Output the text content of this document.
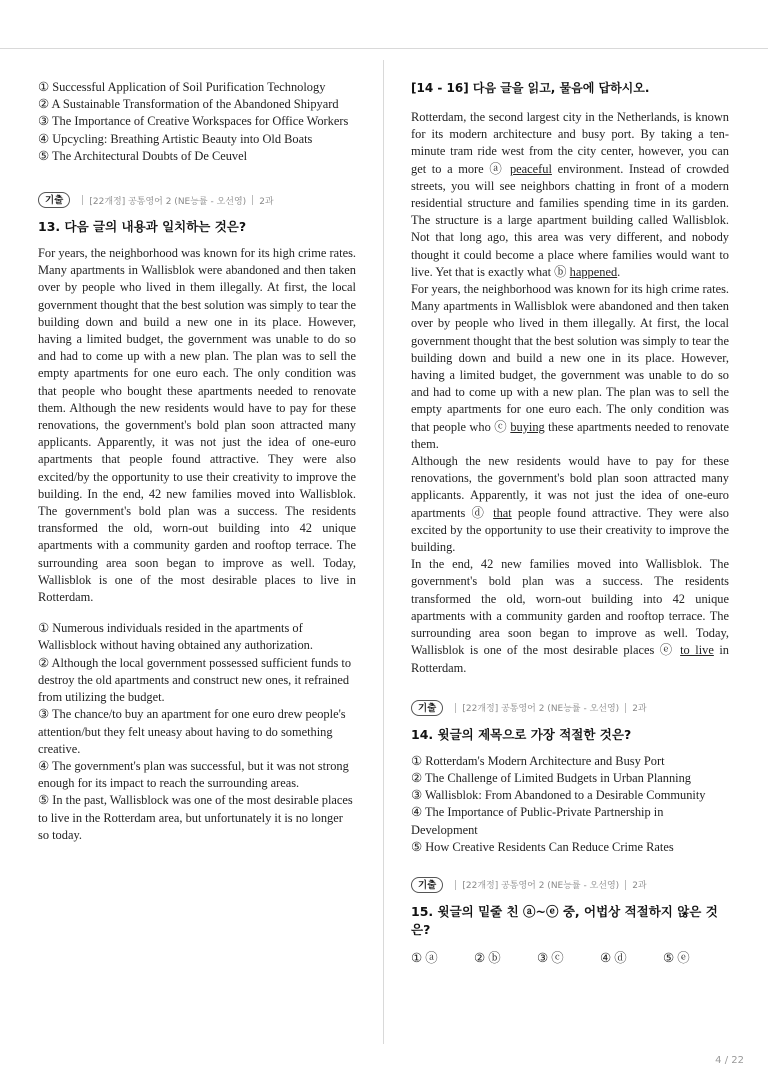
① Successful Application of Soil Purification Technology

② A Sustainable Transformation of the Abandoned Shipyard

③ The Importance of Creative Workspaces for Office Workers

④ Upcycling: Breathing Artistic Beauty into Old Boats

⑤ The Architectural Doubts of De Ceuvel

기출	[22개정] 공통영어 2 (NE능률 - 오선영) 2과
13. 다음 글의 내용과 일치하는 것은?
For years, the neighborhood was known for its high crime rates. Many apartments in Wallisblok were abandoned and then taken over by people who lived in them illegally. At first, the local government thought that the best solution was simply to tear the building down and build a new one in its place. However, having a limited budget, the government was unable to do so and had to come up with a new plan. The plan was to sell the empty apartments for one euro each. The only condition was that people who bought these apartments needed to renovate them. Although the new residents would have to pay for these renovations, the government's bold plan soon attracted many applicants. Apparently, it was not just the idea of one-euro apartments that people found attractive. They were also excited/by the opportunity to use their creativity to improve the building. In the end, 42 new families moved into Wallisblok. The government's bold plan was a success. The residents transformed the old, worn-out building into 42 unique apartments with a community garden and rooftop terrace. The surrounding area soon began to improve as well. Today, Wallisblok is one of the most desirable places to live in Rotterdam.

① Numerous individuals resided in the apartments of Wallisblock without having obtained any authorization.

② Although the local government possessed sufficient funds to destroy the old apartments and construct new ones, it refrained from utilizing the budget.

③ The chance/to buy an apartment for one euro drew people's attention/but they felt uneasy about having to do something creative.

④ The government's plan was successful, but it was not strong enough for its impact to reach the surrounding areas.

⑤ In the past, Wallisblock was one of the most desirable places to live in the Rotterdam area, but unfortunately it is no longer so today.

[14 - 16] 다음 글을 읽고, 물음에 답하시오.

Rotterdam, the second largest city in the Netherlands, is known for its modern architecture and busy port. By taking a ten-minute tram ride west from the city center, however, you can get to a more ⓐ peaceful environment. Instead of crowded streets, you will see neighbors chatting in front of a modern residential structure and families spending time in its garden. The structure is a large apartment building called Wallisblok. Not that long ago, this area was very different, and nobody thought it could become a place where families would want to live. Yet that is exactly what ⓑ happened.

For years, the neighborhood was known for its high crime rates. Many apartments in Wallisblok were abandoned and then taken over by people who lived in them illegally. At first, the local government thought that the best solution was simply to tear the building down and build a new one in its place. However, having a limited budget, the government was unable to do so and had to come up with a new plan. The plan was to sell the empty apartments for one euro each. The only condition was that people who ⓒ buying these apartments needed to renovate them.

Although the new residents would have to pay for these renovations, the government's bold plan soon attracted many applicants. Apparently, it was not just the idea of one-euro apartments ⓓ that people found attractive. They were also excited by the opportunity to use their creativity to improve the building.

In the end, 42 new families moved into Wallisblok. The government's bold plan was a success. The residents transformed the old, worn-out building into 42 unique apartments with a community garden and rooftop terrace. The surrounding area soon began to improve as well. Today, Wallisblok is one of the most desirable places ⓔ to live in Rotterdam.

기출	[22개정] 공통영어 2 (NE능률 - 오선영) 2과
14. 윗글의 제목으로 가장 적절한 것은?

① Rotterdam's Modern Architecture and Busy Port

② The Challenge of Limited Budgets in Urban Planning

③ Wallisblok: From Abandoned to a Desirable Community

④ The Importance of Public-Private Partnership in Development

⑤ How Creative Residents Can Reduce Crime Rates

기출	[22개정] 공통영어 2 (NE능률 - 오선영) 2과
15. 윗글의 밑줄 친 ⓐ~ⓔ 중, 어법상 적절하지 않은 것은?
① ⓐ	② ⓑ	③ ⓒ	④ ⓓ	⑤ ⓔ
4 / 22
